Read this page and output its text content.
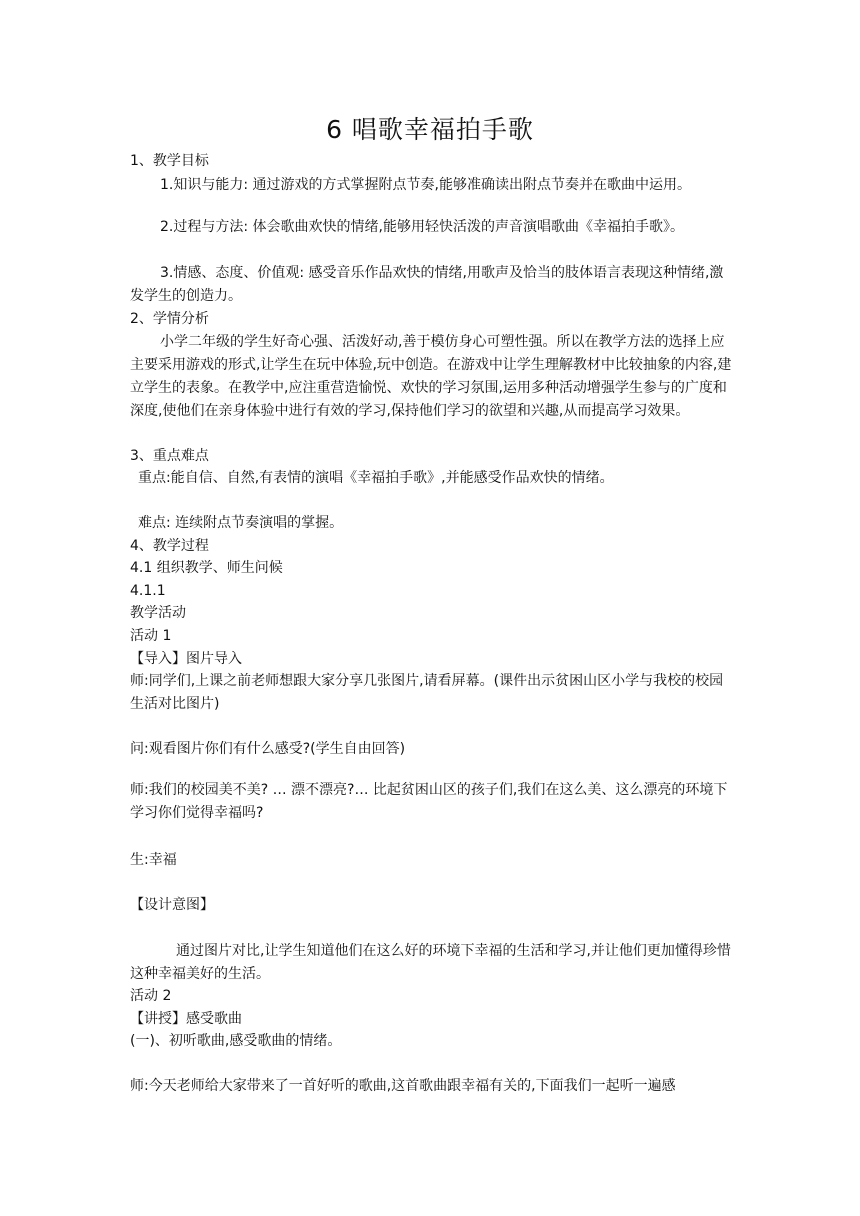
6 唱歌幸福拍手歌
1、教学目标
1.知识与能力: 通过游戏的方式掌握附点节奏,能够准确读出附点节奏并在歌曲中运用。
2.过程与方法: 体会歌曲欢快的情绪,能够用轻快活泼的声音演唱歌曲《幸福拍手歌》。
3.情感、态度、价值观: 感受音乐作品欢快的情绪,用歌声及恰当的肢体语言表现这种情绪,激发学生的创造力。
2、学情分析
小学二年级的学生好奇心强、活泼好动,善于模仿身心可塑性强。所以在教学方法的选择上应主要采用游戏的形式,让学生在玩中体验,玩中创造。在游戏中让学生理解教材中比较抽象的内容,建立学生的表象。在教学中,应注重营造愉悦、欢快的学习氛围,运用多种活动增强学生参与的广度和深度,使他们在亲身体验中进行有效的学习,保持他们学习的欲望和兴趣,从而提高学习效果。
3、重点难点
重点:能自信、自然,有表情的演唱《幸福拍手歌》,并能感受作品欢快的情绪。
难点: 连续附点节奏演唱的掌握。
4、教学过程
4.1 组织教学、师生问候
4.1.1
教学活动
活动 1
【导入】图片导入
师:同学们,上课之前老师想跟大家分享几张图片,请看屏幕。(课件出示贫困山区小学与我校的校园生活对比图片)
问:观看图片你们有什么感受?(学生自由回答)
师:我们的校园美不美? … 漂不漂亮?… 比起贫困山区的孩子们,我们在这么美、这么漂亮的环境下学习你们觉得幸福吗?
生:幸福
【设计意图】
通过图片对比,让学生知道他们在这么好的环境下幸福的生活和学习,并让他们更加懂得珍惜这种幸福美好的生活。
活动 2
【讲授】感受歌曲
(一)、初听歌曲,感受歌曲的情绪。
师:今天老师给大家带来了一首好听的歌曲,这首歌曲跟幸福有关的,下面我们一起听一遍感
